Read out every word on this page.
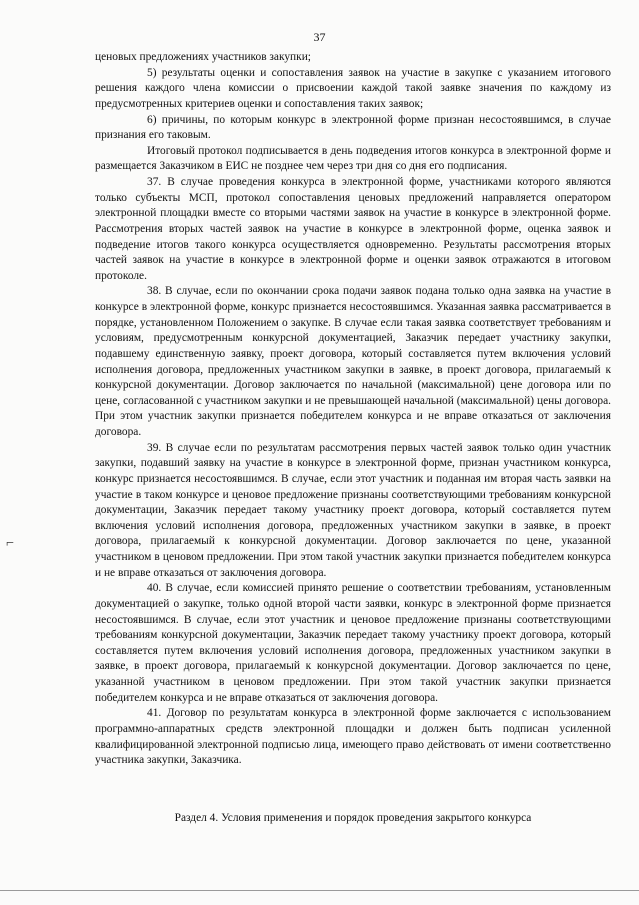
37

ценовых предложениях участников закупки;

5) результаты оценки и сопоставления заявок на участие в закупке с указанием итогового решения каждого члена комиссии о присвоении каждой такой заявке значения по каждому из предусмотренных критериев оценки и сопоставления таких заявок;

6) причины, по которым конкурс в электронной форме признан несостоявшимся, в случае признания его таковым.

Итоговый протокол подписывается в день подведения итогов конкурса в электронной форме и размещается Заказчиком в ЕИС не позднее чем через три дня со дня его подписания.

37. В случае проведения конкурса в электронной форме, участниками которого являются только субъекты МСП, протокол сопоставления ценовых предложений направляется оператором электронной площадки вместе со вторыми частями заявок на участие в конкурсе в электронной форме. Рассмотрения вторых частей заявок на участие в конкурсе в электронной форме, оценка заявок и подведение итогов такого конкурса осуществляется одновременно. Результаты рассмотрения вторых частей заявок на участие в конкурсе в электронной форме и оценки заявок отражаются в итоговом протоколе.

38. В случае, если по окончании срока подачи заявок подана только одна заявка на участие в конкурсе в электронной форме, конкурс признается несостоявшимся. Указанная заявка рассматривается в порядке, установленном Положением о закупке. В случае если такая заявка соответствует требованиям и условиям, предусмотренным конкурсной документацией, Заказчик передает участнику закупки, подавшему единственную заявку, проект договора, который составляется путем включения условий исполнения договора, предложенных участником закупки в заявке, в проект договора, прилагаемый к конкурсной документации. Договор заключается по начальной (максимальной) цене договора или по цене, согласованной с участником закупки и не превышающей начальной (максимальной) цены договора. При этом участник закупки признается победителем конкурса и не вправе отказаться от заключения договора.

39. В случае если по результатам рассмотрения первых частей заявок только один участник закупки, подавший заявку на участие в конкурсе в электронной форме, признан участником конкурса, конкурс признается несостоявшимся. В случае, если этот участник и поданная им вторая часть заявки на участие в таком конкурсе и ценовое предложение признаны соответствующими требованиям конкурсной документации, Заказчик передает такому участнику проект договора, который составляется путем включения условий исполнения договора, предложенных участником закупки в заявке, в проект договора, прилагаемый к конкурсной документации. Договор заключается по цене, указанной участником в ценовом предложении. При этом такой участник закупки признается победителем конкурса и не вправе отказаться от заключения договора.

40. В случае, если комиссией принято решение о соответствии требованиям, установленным документацией о закупке, только одной второй части заявки, конкурс в электронной форме признается несостоявшимся. В случае, если этот участник и ценовое предложение признаны соответствующими требованиям конкурсной документации, Заказчик передает такому участнику проект договора, который составляется путем включения условий исполнения договора, предложенных участником закупки в заявке, в проект договора, прилагаемый к конкурсной документации. Договор заключается по цене, указанной участником в ценовом предложении. При этом такой участник закупки признается победителем конкурса и не вправе отказаться от заключения договора.

41. Договор по результатам конкурса в электронной форме заключается с использованием программно-аппаратных средств электронной площадки и должен быть подписан усиленной квалифицированной электронной подписью лица, имеющего право действовать от имени соответственно участника закупки, Заказчика.

Раздел 4. Условия применения и порядок проведения закрытого конкурса
⌐
